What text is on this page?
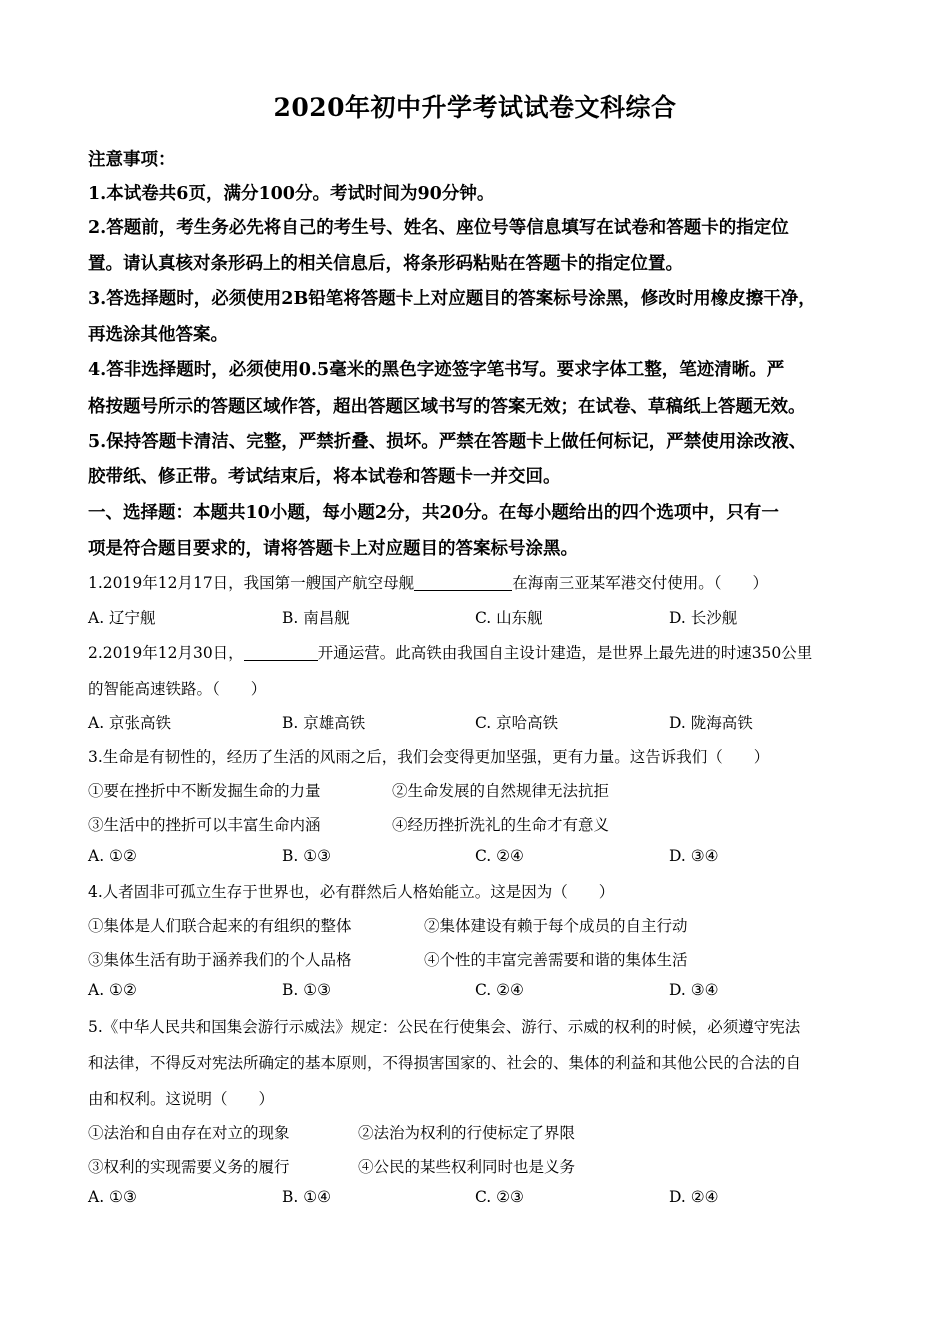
2020年初中升学考试试卷文科综合
注意事项：
1.本试卷共6页，满分100分。考试时间为90分钟。
2.答题前，考生务必先将自己的考生号、姓名、座位号等信息填写在试卷和答题卡的指定位
置。请认真核对条形码上的相关信息后，将条形码粘贴在答题卡的指定位置。
3.答选择题时，必须使用2B铅笔将答题卡上对应题目的答案标号涂黑，修改时用橡皮擦干净，
再选涂其他答案。
4.答非选择题时，必须使用0.5毫米的黑色字迹签字笔书写。要求字体工整，笔迹清晰。严
格按题号所示的答题区域作答，超出答题区域书写的答案无效；在试卷、草稿纸上答题无效。
5.保持答题卡清洁、完整，严禁折叠、损坏。严禁在答题卡上做任何标记，严禁使用涂改液、
胶带纸、修正带。考试结束后，将本试卷和答题卡一并交回。
一、选择题：本题共10小题，每小题2分，共20分。在每小题给出的四个选项中，只有一
项是符合题目要求的，请将答题卡上对应题目的答案标号涂黑。
1.2019年12月17日，我国第一艘国产航空母舰	在海南三亚某军港交付使用。（　　）
A. 辽宁舰	B. 南昌舰	C. 山东舰	D. 长沙舰
2.2019年12月30日，	开通运营。此高铁由我国自主设计建造，是世界上最先进的时速350公里
的智能高速铁路。（　　）
A. 京张高铁	B. 京雄高铁	C. 京哈高铁	D. 陇海高铁
3.生命是有韧性的，经历了生活的风雨之后，我们会变得更加坚强，更有力量。这告诉我们（　　）
①要在挫折中不断发掘生命的力量	②生命发展的自然规律无法抗拒
③生活中的挫折可以丰富生命内涵	④经历挫折洗礼的生命才有意义
A. ①②	B. ①③	C. ②④	D. ③④
4.人者固非可孤立生存于世界也，必有群然后人格始能立。这是因为（　　）
①集体是人们联合起来的有组织的整体	②集体建设有赖于每个成员的自主行动
③集体生活有助于涵养我们的个人品格	④个性的丰富完善需要和谐的集体生活
A. ①②	B. ①③	C. ②④	D. ③④
5.《中华人民共和国集会游行示威法》规定：公民在行使集会、游行、示威的权利的时候，必须遵守宪法
和法律，不得反对宪法所确定的基本原则，不得损害国家的、社会的、集体的利益和其他公民的合法的自
由和权利。这说明（　　）
①法治和自由存在对立的现象	②法治为权利的行使标定了界限
③权利的实现需要义务的履行	④公民的某些权利同时也是义务
A. ①③	B. ①④	C. ②③	D. ②④
